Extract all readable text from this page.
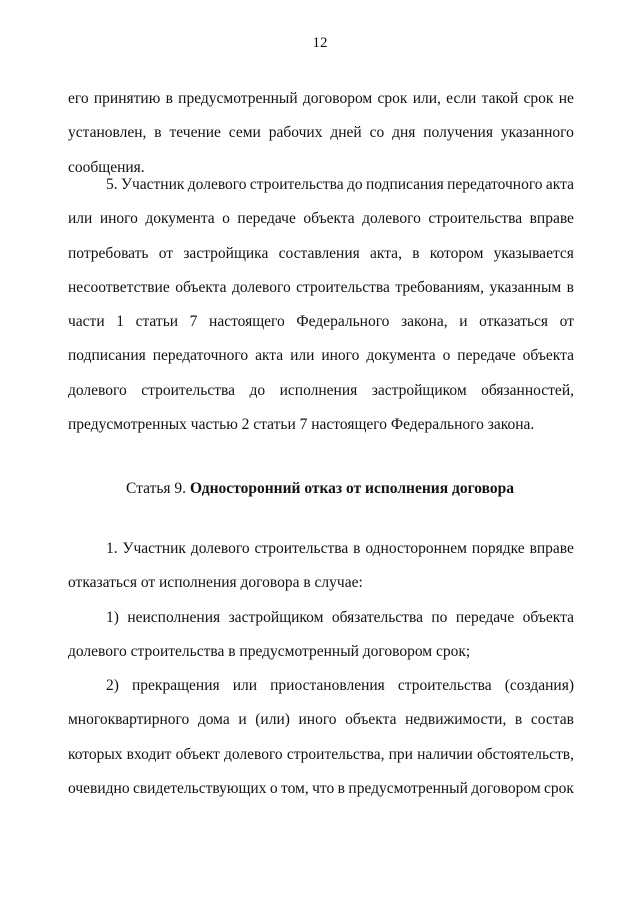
12
его принятию в предусмотренный договором срок или, если такой срок не
установлен, в течение семи рабочих дней со дня получения указанного
сообщения.
5. Участник долевого строительства до подписания передаточного акта
или иного документа о передаче объекта долевого строительства вправе
потребовать от застройщика составления акта, в котором указывается
несоответствие объекта долевого строительства требованиям, указанным в
части 1 статьи 7 настоящего Федерального закона, и отказаться от
подписания передаточного акта или иного документа о передаче объекта
долевого строительства до исполнения застройщиком обязанностей,
предусмотренных частью 2 статьи 7 настоящего Федерального закона.
Статья 9. Односторонний отказ от исполнения договора
1. Участник долевого строительства в одностороннем порядке вправе
отказаться от исполнения договора в случае:
1) неисполнения застройщиком обязательства по передаче объекта
долевого строительства в предусмотренный договором срок;
2) прекращения или приостановления строительства (создания)
многоквартирного дома и (или) иного объекта недвижимости, в состав
которых входит объект долевого строительства, при наличии обстоятельств,
очевидно свидетельствующих о том, что в предусмотренный договором срок
